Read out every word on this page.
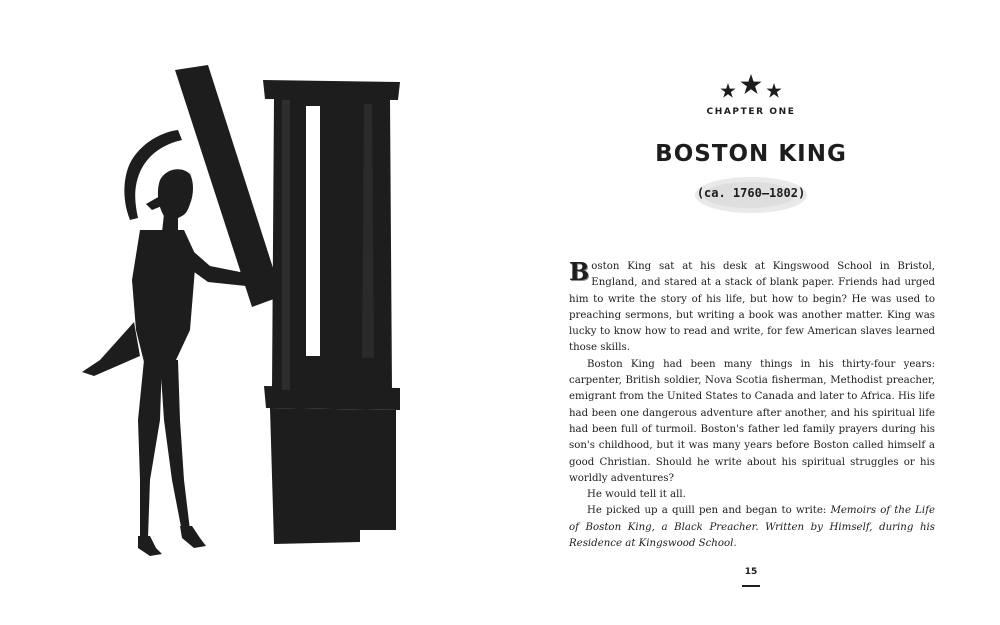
CHAPTER ONE
BOSTON KING
(ca. 1760–1802)

Boston King sat at his desk at Kingswood School in Bristol, England, and stared at a stack of blank paper. Friends had urged him to write the story of his life, but how to begin? He was used to preaching sermons, but writing a book was another matter. King was lucky to know how to read and write, for few American slaves learned those skills.

Boston King had been many things in his thirty-four years: carpenter, British soldier, Nova Scotia fisherman, Methodist preacher, emigrant from the United States to Canada and later to Africa. His life had been one dangerous adventure after another, and his spiritual life had been full of turmoil. Boston's father led family prayers during his son's childhood, but it was many years before Boston called himself a good Christian. Should he write about his spiritual struggles or his worldly adventures?

He would tell it all.

He picked up a quill pen and began to write: Memoirs of the Life of Boston King, a Black Preacher. Written by Himself, during his Residence at Kingswood School.

15
